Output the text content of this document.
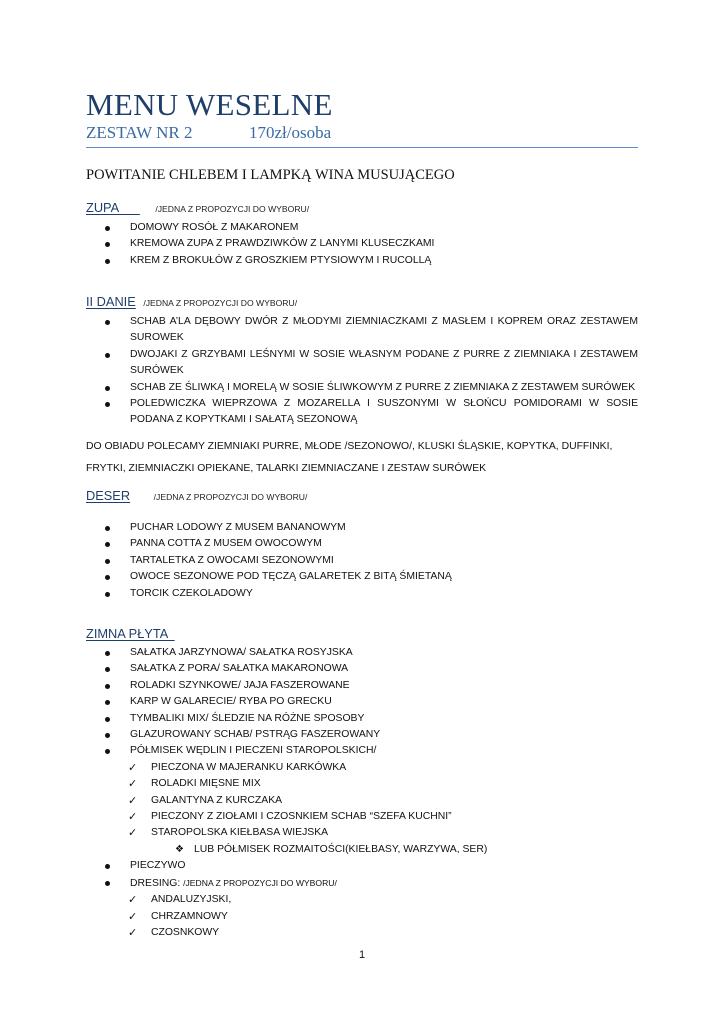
MENU WESELNE
ZESTAW NR 2	170zł/osoba
POWITANIE CHLEBEM I LAMPKĄ WINA MUSUJĄCEGO
ZUPA       /JEDNA Z PROPOZYCJI DO WYBORU/
DOMOWY ROSÓŁ Z MAKARONEM
KREMOWA ZUPA Z PRAWDZIWKÓW Z LANYMI KLUSECZKAMI
KREM Z BROKUŁÓW Z GROSZKIEM PTYSIOWYM I RUCOLLĄ
II DANIE /JEDNA Z PROPOZYCJI DO WYBORU/
SCHAB A’LA DĘBOWY DWÓR Z MŁODYMI ZIEMNIACZKAMI Z MASŁEM I KOPREM ORAZ ZESTAWEM SUROWEK
DWOJAKI Z GRZYBAMI LEŚNYMI W SOSIE WŁASNYM PODANE Z PURRE Z ZIEMNIAKA I ZESTAWEM SURÓWEK
SCHAB ZE ŚLIWKĄ I MORELĄ W SOSIE ŚLIWKOWYM Z PURRE Z ZIEMNIAKA Z ZESTAWEM SURÓWEK
POLEDWICZKA WIEPRZOWA Z MOZARELLA I SUSZONYMI W SŁOŃCU POMIDORAMI W SOSIE PODANA Z KOPYTKAMI I SAŁATĄ SEZONOWĄ
DO OBIADU POLECAMY ZIEMNIAKI PURRE, MŁODE /SEZONOWO/, KLUSKI ŚLĄSKIE, KOPYTKA, DUFFINKI, FRYTKI, ZIEMNIACZKI OPIEKANE, TALARKI ZIEMNIACZANE I ZESTAW SURÓWEK
DESER	/JEDNA Z PROPOZYCJI DO WYBORU/
PUCHAR LODOWY Z MUSEM BANANOWYM
PANNA COTTA Z MUSEM OWOCOWYM
TARTALETKA Z OWOCAMI SEZONOWYMI
OWOCE SEZONOWE POD TĘCZĄ GALARETEK Z BITĄ ŚMIETANĄ
TORCIK CZEKOLADOWY
ZIMNA PŁYTA
SAŁATKA JARZYNOWA/ SAŁATKA ROSYJSKA
SAŁATKA Z PORA/ SAŁATKA MAKARONOWA
ROLADKI SZYNKOWE/ JAJA FASZEROWANE
KARP W GALARECIE/ RYBA PO GRECKU
TYMBALIKI MIX/ ŚLEDZIE NA RÓŻNE SPOSOBY
GLAZUROWANY SCHAB/ PSTRĄG FASZEROWANY
PÓŁMISEK WĘDLIN I PIECZENI STAROPOLSKICH/
✓ PIECZONA W MAJERANKU KARKÓWKA
✓ ROLADKI MIĘSNE MIX
✓ GALANTYNA Z KURCZAKA
✓ PIECZONY Z ZIOŁAMI I CZOSNKIEM SCHAB “SZEFA KUCHNI”
✓ STAROPOLSKA KIEŁBASA WIEJSKA
❖ LUB PÓŁMISEK ROZMAITOŚCI(KIEŁBASY, WARZYWA, SER)
PIECZYWO
DRESING: /JEDNA Z PROPOZYCJI DO WYBORU/
✓ ANDALUZYJSKI,
✓ CHRZAMNOWY
✓ CZOSNKOWY
1
